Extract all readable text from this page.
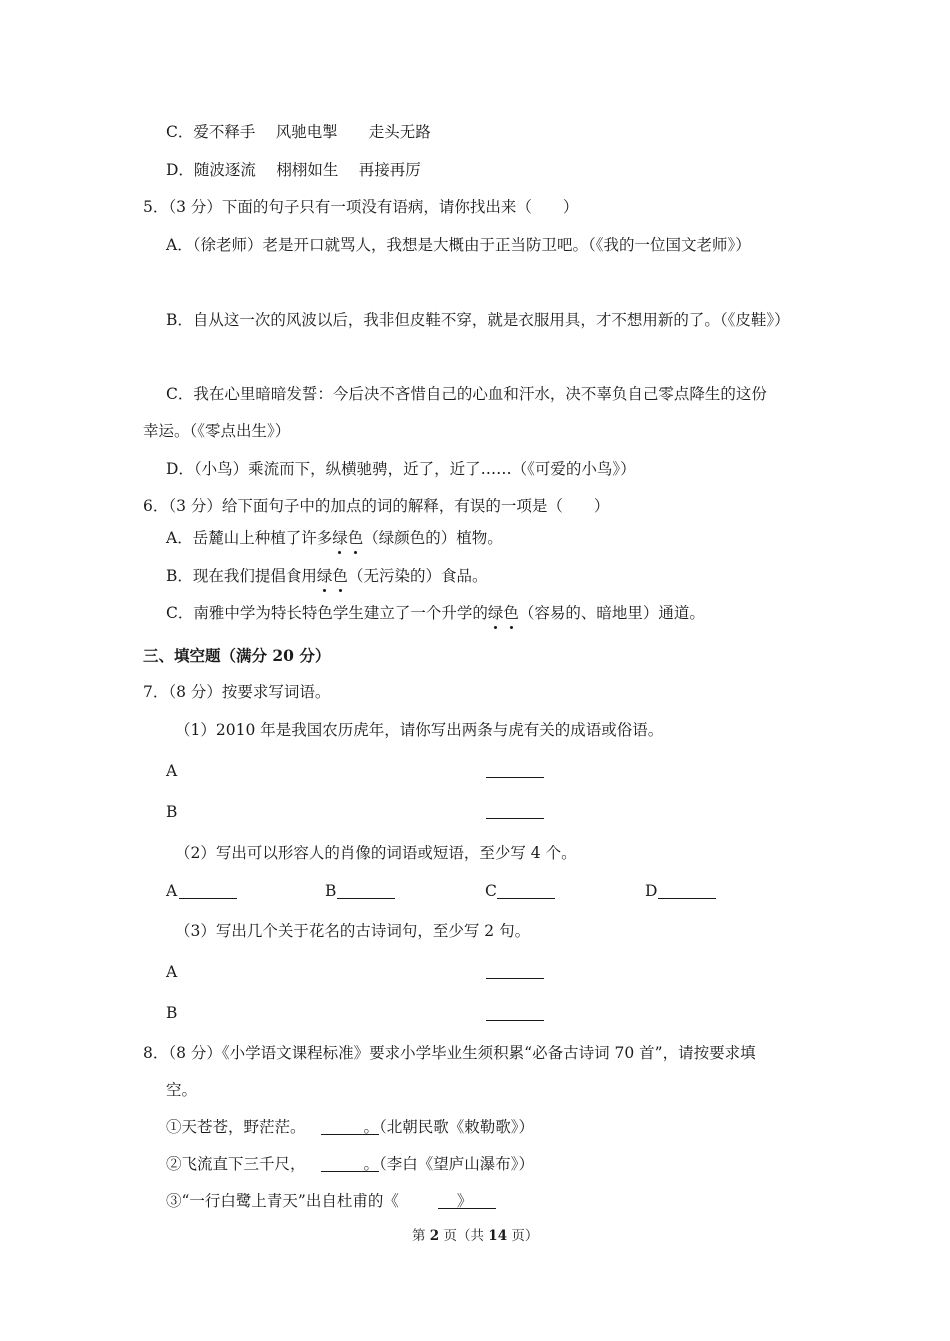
C．爱不释手　 风驰电掣　　走头无路
D．随波逐流　 栩栩如生　 再接再厉
5．（3 分）下面的句子只有一项没有语病，请你找出来（　　）
A．（徐老师）老是开口就骂人，我想是大概由于正当防卫吧。（《我的一位国文老师》）
B．自从这一次的风波以后，我非但皮鞋不穿，就是衣服用具，才不想用新的了。（《皮鞋》）
C．我在心里暗暗发誓：今后决不吝惜自己的心血和汗水，决不辜负自己零点降生的这份
幸运。（《零点出生》）
D．（小鸟）乘流而下，纵横驰骋，近了，近了……（《可爱的小鸟》）
6．（3 分）给下面句子中的加点的词的解释，有误的一项是（　　）
A．岳麓山上种植了许多绿色（绿颜色的）植物。
B．现在我们提倡食用绿色（无污染的）食品。
C．南雅中学为特长特色学生建立了一个升学的绿色（容易的、暗地里）通道。
三、填空题（满分 20 分）
7．（8 分）按要求写词语。
（1）2010 年是我国农历虎年，请你写出两条与虎有关的成语或俗语。
A
B
（2）写出可以形容人的肖像的词语或短语，至少写 4 个。
A	B	C	D
（3）写出几个关于花名的古诗词句，至少写 2 句。
A
B
8．（8 分）《小学语文课程标准》要求小学毕业生须积累“必备古诗词 70 首”，请按要求填
空。
①天苍苍，野茫茫。	。（北朝民歌《敕勒歌》）
②飞流直下三千尺，	。（李白《望庐山瀑布》）
③“一行白鹭上青天”出自杜甫的《	》
第 2 页（共 14 页）
